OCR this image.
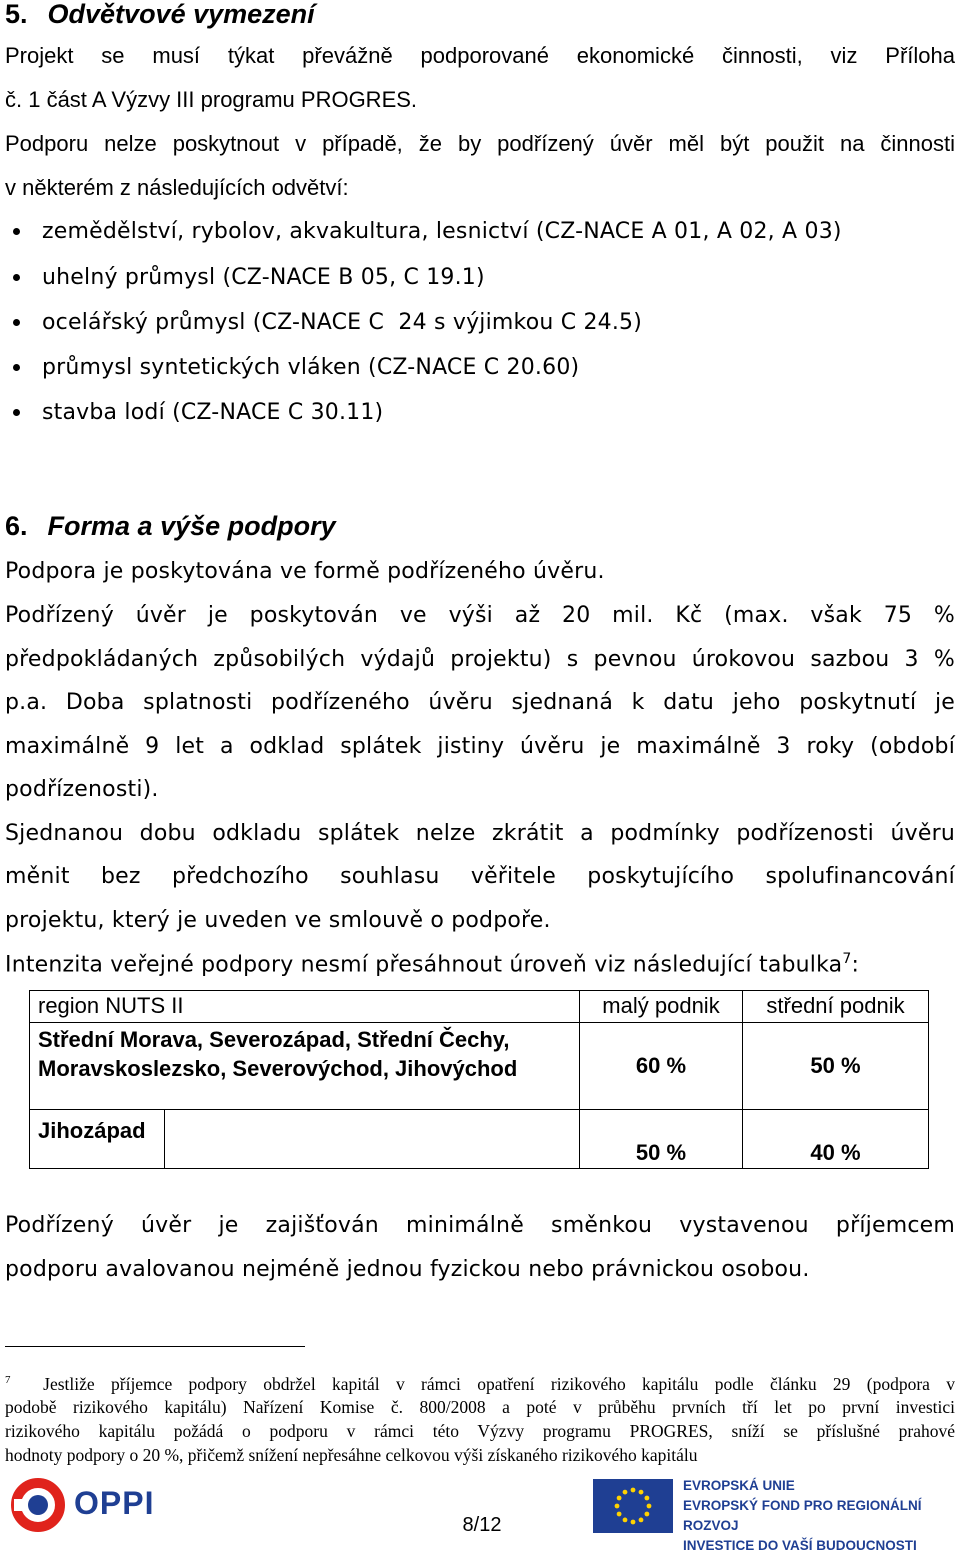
5. Odvětvové vymezení
Projekt se musí týkat převážně podporované ekonomické činnosti, viz Příloha
č. 1 část A Výzvy III programu PROGRES.
Podporu nelze poskytnout v případě, že by podřízený úvěr měl být použit na činnosti
v některém z následujících odvětví:
zemědělství, rybolov, akvakultura, lesnictví (CZ-NACE A 01, A 02, A 03)
uhelný průmysl (CZ-NACE B 05, C 19.1)
ocelářský průmysl (CZ-NACE C  24 s výjimkou C 24.5)
průmysl syntetických vláken (CZ-NACE C 20.60)
stavba lodí (CZ-NACE C 30.11)
6. Forma a výše podpory
Podpora je poskytována ve formě podřízeného úvěru.
Podřízený úvěr je poskytován ve výši až 20 mil. Kč (max. však 75 %
předpokládaných způsobilých výdajů projektu) s pevnou úrokovou sazbou 3 %
p.a. Doba splatnosti podřízeného úvěru sjednaná k datu jeho poskytnutí je
maximálně 9 let a odklad splátek jistiny úvěru je maximálně 3 roky (období
podřízenosti).
Sjednanou dobu odkladu splátek nelze zkrátit a podmínky podřízenosti úvěru
měnit bez předchozího souhlasu věřitele poskytujícího spolufinancování
projektu, který je uveden ve smlouvě o podpoře.
Intenzita veřejné podpory nesmí přesáhnout úroveň viz následující tabulka$^7$:
region NUTS II	malý podnik	střední podnik
Střední Morava, Severozápad, Střední Čechy, Moravskoslezsko, Severovýchod, Jihovýchod	60 %	50 %

Jihozápad	50 %	40 %
Podřízený úvěr je zajišťován minimálně směnkou vystavenou příjemcem
podporu avalovanou nejméně jednou fyzickou nebo právnickou osobou.
$^7$ Jestliže příjemce podpory obdržel kapitál v rámci opatření rizikového kapitálu podle článku 29 (podpora v
podobě rizikového kapitálu) Nařízení Komise č. 800/2008 a poté v průběhu prvních tří let po první investici
rizikového kapitálu požádá o podporu v rámci této Výzvy programu PROGRES, sníží se příslušné prahové
hodnoty podpory o 20 %, přičemž snížení nepřesáhne celkovou výši získaného rizikového kapitálu
OPPI
8/12
EVROPSKÁ UNIE
EVROPSKÝ FOND PRO REGIONÁLNÍ ROZVOJ
INVESTICE DO VAŠÍ BUDOUCNOSTI
